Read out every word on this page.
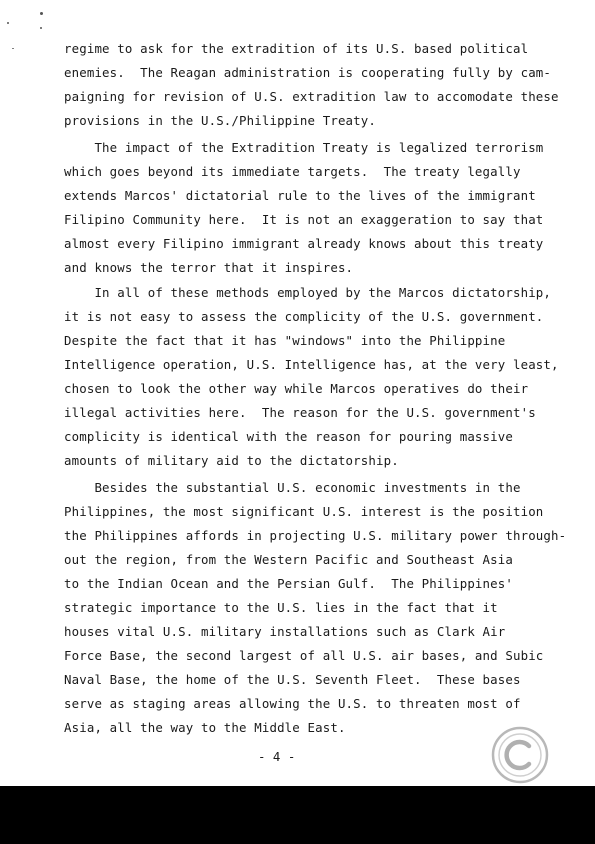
regime to ask for the extradition of its U.S. based political
enemies.  The Reagan administration is cooperating fully by cam-
paigning for revision of U.S. extradition law to accomodate these
provisions in the U.S./Philippine Treaty.
The impact of the Extradition Treaty is legalized terrorism
which goes beyond its immediate targets.  The treaty legally
extends Marcos' dictatorial rule to the lives of the immigrant
Filipino Community here.  It is not an exaggeration to say that
almost every Filipino immigrant already knows about this treaty
and knows the terror that it inspires.
In all of these methods employed by the Marcos dictatorship,
it is not easy to assess the complicity of the U.S. government.
Despite the fact that it has "windows" into the Philippine
Intelligence operation, U.S. Intelligence has, at the very least,
chosen to look the other way while Marcos operatives do their
illegal activities here.  The reason for the U.S. government's
complicity is identical with the reason for pouring massive
amounts of military aid to the dictatorship.
Besides the substantial U.S. economic investments in the
Philippines, the most significant U.S. interest is the position
the Philippines affords in projecting U.S. military power through-
out the region, from the Western Pacific and Southeast Asia
to the Indian Ocean and the Persian Gulf.  The Philippines'
strategic importance to the U.S. lies in the fact that it
houses vital U.S. military installations such as Clark Air
Force Base, the second largest of all U.S. air bases, and Subic
Naval Base, the home of the U.S. Seventh Fleet.  These bases
serve as staging areas allowing the U.S. to threaten most of
Asia, all the way to the Middle East.
- 4 -
